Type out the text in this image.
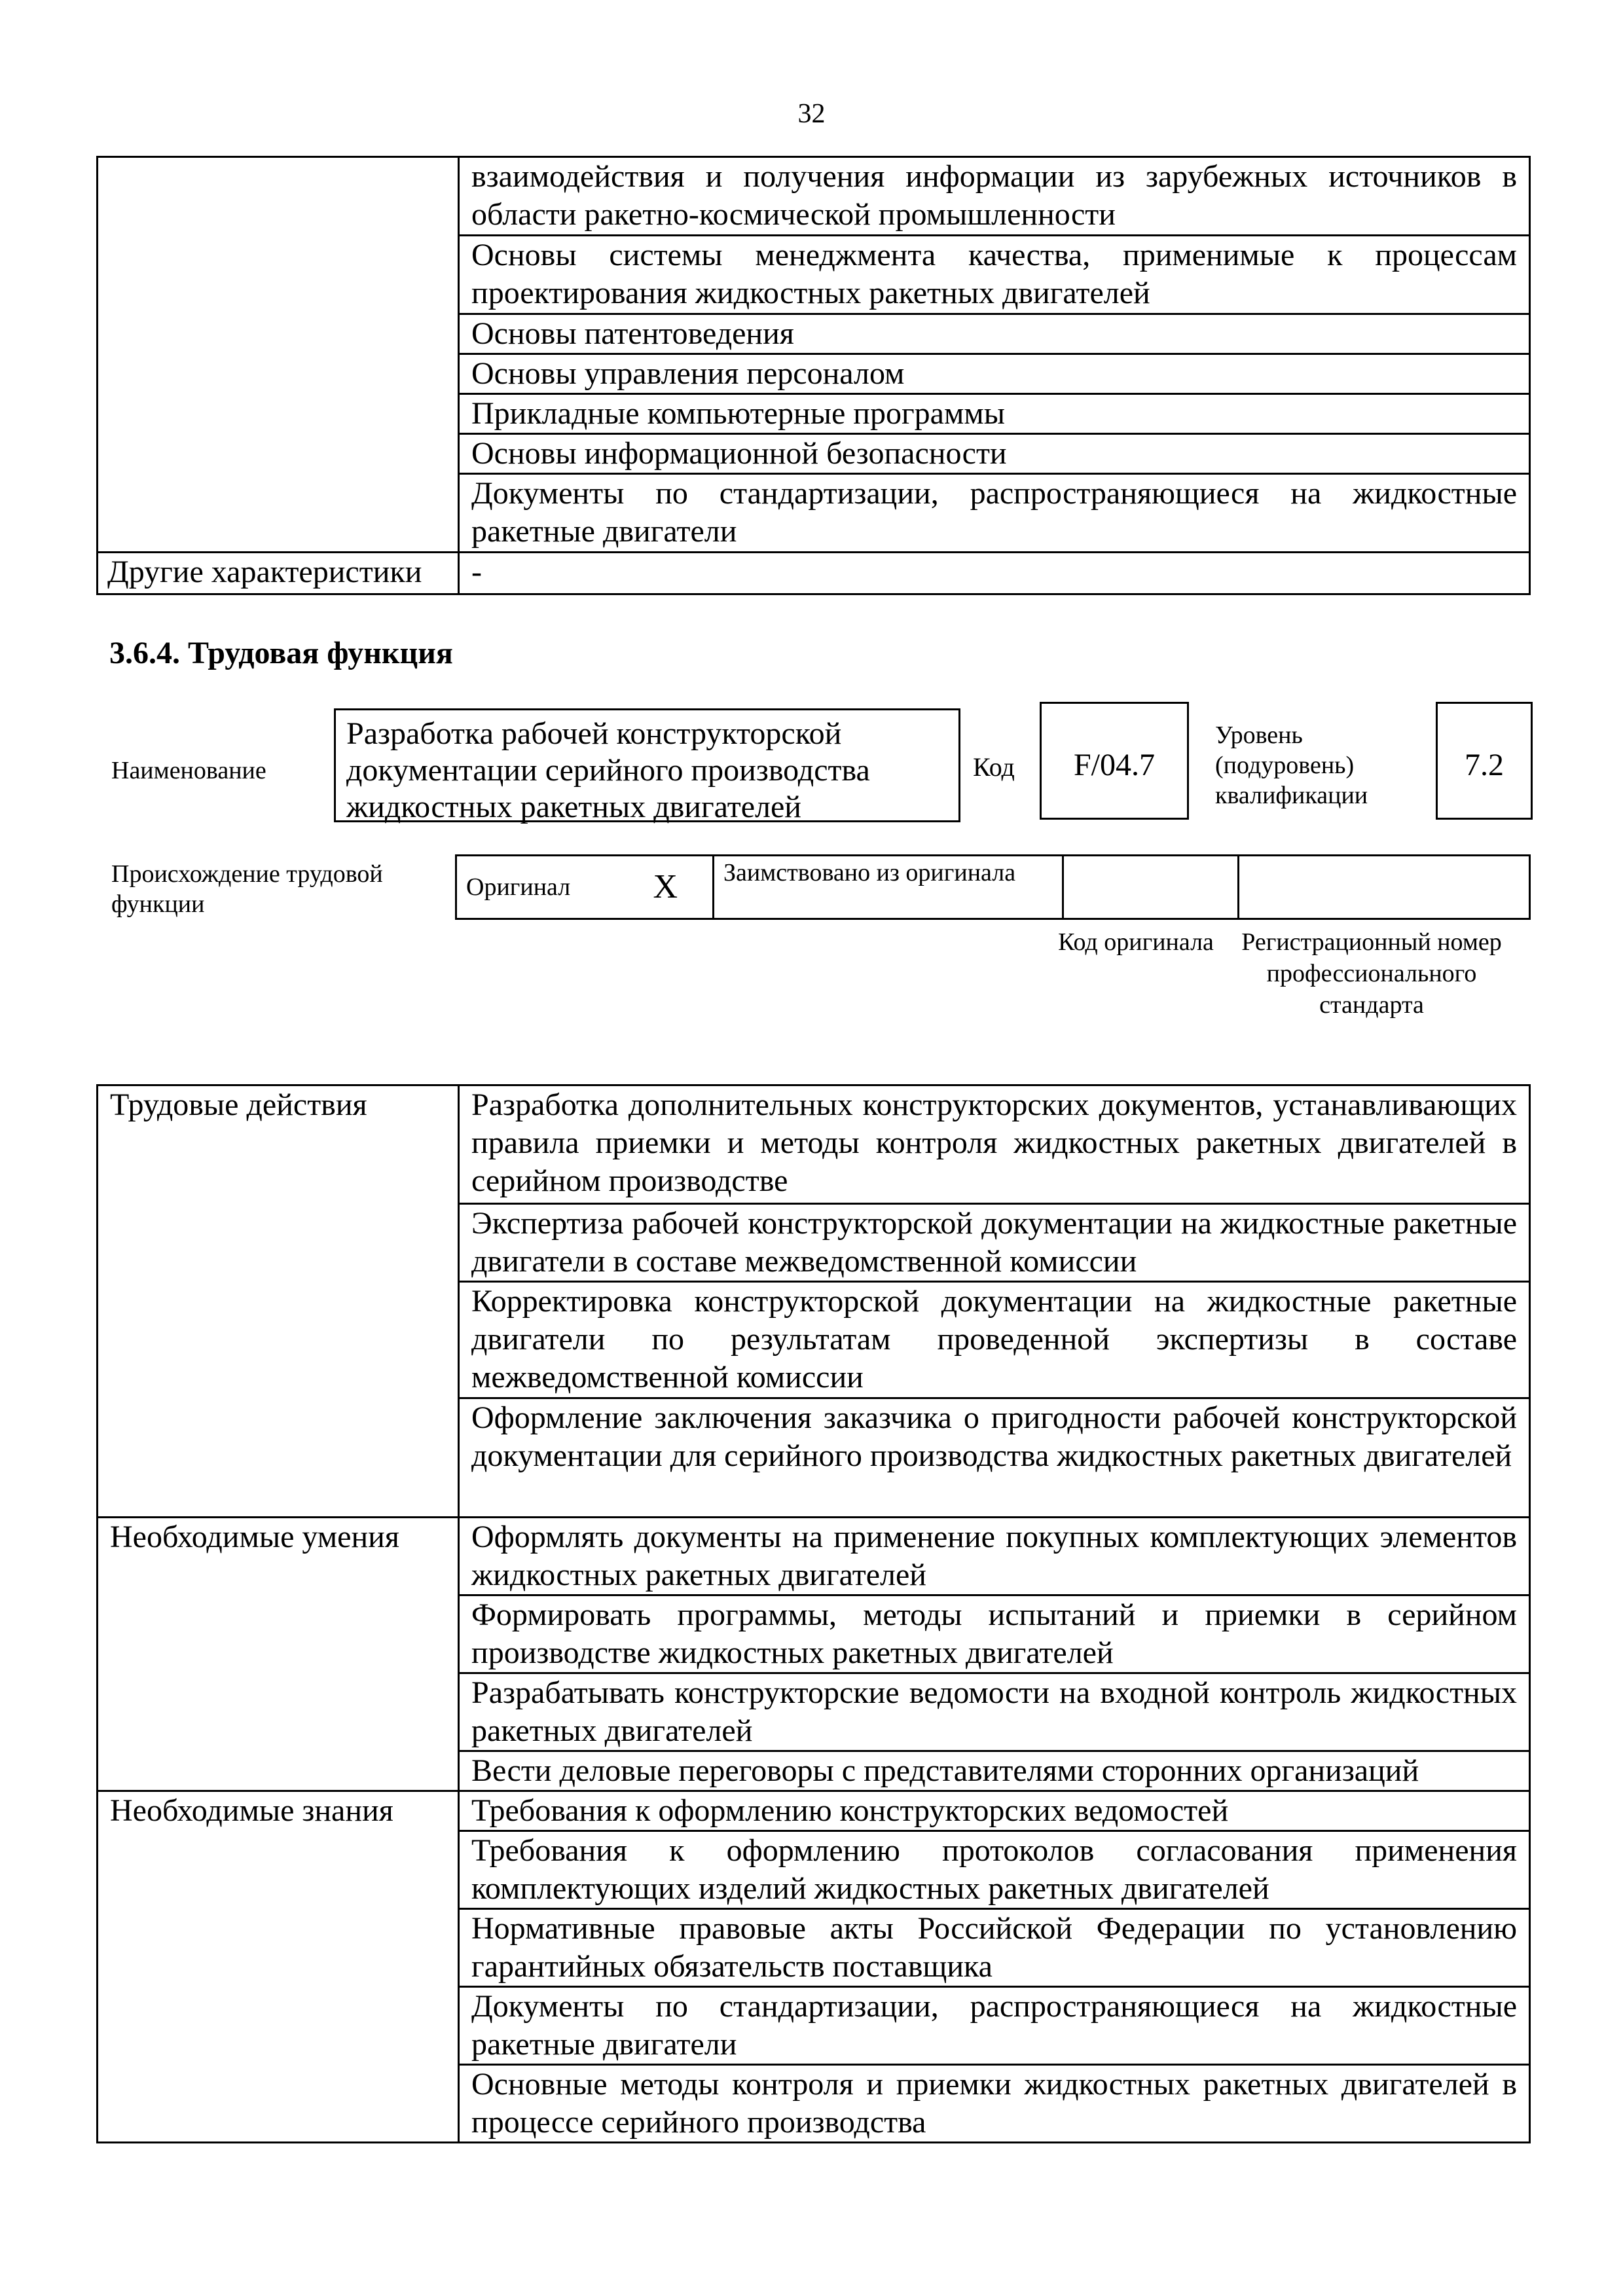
32
	взаимодействия и получения информации из зарубежных источников в области ракетно-космической промышленности
	Основы системы менеджмента качества, применимые к процессам проектирования жидкостных ракетных двигателей
	Основы патентоведения
	Основы управления персоналом
	Прикладные компьютерные программы
	Основы информационной безопасности
	Документы по стандартизации, распространяющиеся на жидкостные ракетные двигатели
Другие характеристики	-
3.6.4. Трудовая функция
Наименование
Разработка рабочей конструкторской документации серийного производства жидкостных ракетных двигателей
Код	F/04.7
Уровень
(подуровень)
квалификации
7.2
Происхождение трудовой функции
Оригинал	X	Заимствовано из оригинала		
Код оригинала	Регистрационный номер профессионального стандарта
Трудовые действия	Разработка дополнительных конструкторских документов, устанавливающих правила приемки и методы контроля жидкостных ракетных двигателей в серийном производстве
	Экспертиза рабочей конструкторской документации на жидкостные ракетные двигатели в составе межведомственной комиссии
	Корректировка конструкторской документации на жидкостные ракетные двигатели по результатам проведенной экспертизы в составе межведомственной комиссии
	Оформление заключения заказчика о пригодности рабочей конструкторской документации для серийного производства жидкостных ракетных двигателей
Необходимые умения	Оформлять документы на применение покупных комплектующих элементов жидкостных ракетных двигателей
	Формировать программы, методы испытаний и приемки в серийном производстве жидкостных ракетных двигателей
	Разрабатывать конструкторские ведомости на входной контроль жидкостных ракетных двигателей
	Вести деловые переговоры с представителями сторонних организаций
Необходимые знания	Требования к оформлению конструкторских ведомостей
	Требования к оформлению протоколов согласования применения комплектующих изделий жидкостных ракетных двигателей
	Нормативные правовые акты Российской Федерации по установлению гарантийных обязательств поставщика
	Документы по стандартизации, распространяющиеся на жидкостные ракетные двигатели
	Основные методы контроля и приемки жидкостных ракетных двигателей в процессе серийного производства
